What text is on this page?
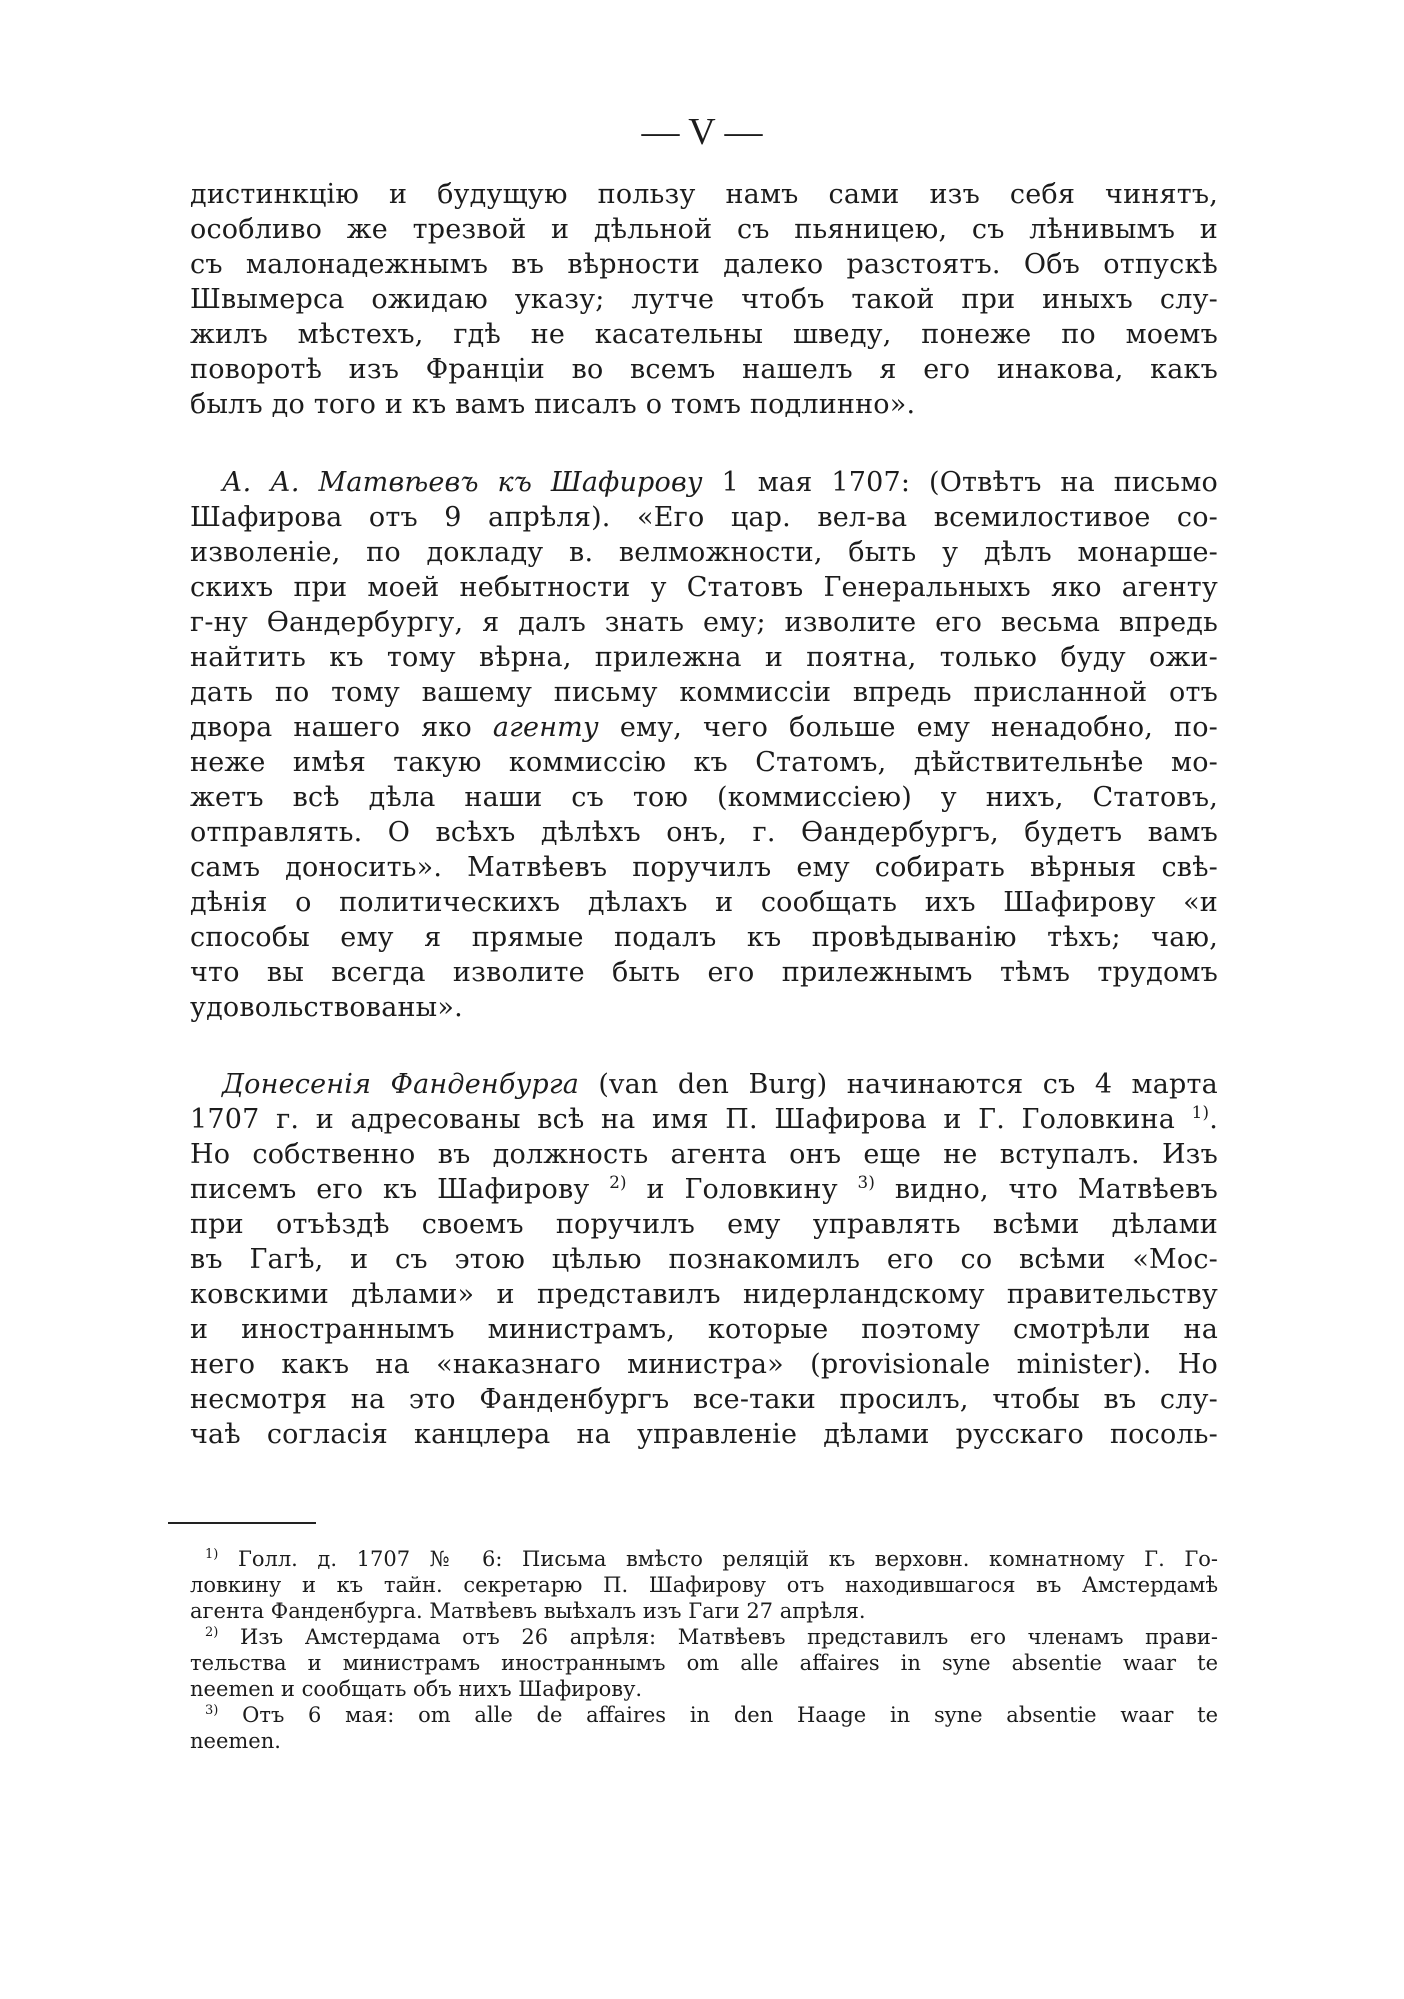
— V —

дистинкцію и будущую пользу намъ сами изъ себя чинятъ,

особливо же трезвой и дѣльной съ пьяницею, съ лѣнивымъ и

съ малонадежнымъ въ вѣрности далеко разстоятъ. Объ отпускѣ

Швымерса ожидаю указу; лутче чтобъ такой при иныхъ слу-

жилъ мѣстехъ, гдѣ не касательны шведу, понеже по моемъ

поворотѣ изъ Франціи во всемъ нашелъ я его инакова, какъ

былъ до того и къ вамъ писалъ о томъ подлинно».

А. А. Матвѣевъ къ Шафирову 1 мая 1707: (Отвѣтъ на письмо

Шафирова отъ 9 апрѣля). «Его цар. вел-ва всемилостивое со-

изволеніе, по докладу в. велможности, быть у дѣлъ монарше-

скихъ при моей небытности у Статовъ Генеральныхъ яко агенту

г-ну Ѳандербургу, я далъ знать ему; изволите его весьма впредь

найтить къ тому вѣрна, прилежна и поятна, только буду ожи-

дать по тому вашему письму коммиссіи впредь присланной отъ

двора нашего яко агенту ему, чего больше ему ненадобно, по-

неже имѣя такую коммиссію къ Статомъ, дѣйствительнѣе мо-

жетъ всѣ дѣла наши съ тою (коммиссіею) у нихъ, Статовъ,

отправлять. О всѣхъ дѣлѣхъ онъ, г. Ѳандербургъ, будетъ вамъ

самъ доносить». Матвѣевъ поручилъ ему собирать вѣрныя свѣ-

дѣнія о политическихъ дѣлахъ и сообщать ихъ Шафирову «и

способы ему я прямые подалъ къ провѣдыванію тѣхъ; чаю,

что вы всегда изволите быть его прилежнымъ тѣмъ трудомъ

удовольствованы».

Донесенія Фанденбурга (van den Burg) начинаются съ 4 марта

1707 г. и адресованы всѣ на имя П. Шафирова и Г. Головкина $^{1)}$.

Но собственно въ должность агента онъ еще не вступалъ. Изъ

писемъ его къ Шафирову $^{2)}$ и Головкину $^{3)}$ видно, что Матвѣевъ

при отъѣздѣ своемъ поручилъ ему управлять всѣми дѣлами

въ Гагѣ, и съ этою цѣлью познакомилъ его со всѣми «Мос-

ковскими дѣлами» и представилъ нидерландскому правительству

и иностраннымъ министрамъ, которые поэтому смотрѣли на

него какъ на «наказнаго министра» (provisionale minister). Но

несмотря на это Фанденбургъ все-таки просилъ, чтобы въ слу-

чаѣ согласія канцлера на управленіе дѣлами русскаго посоль-

$^{1)}$ Голл. д. 1707 № 6: Письма вмѣсто реляцій къ верховн. комнатному Г. Го-

ловкину и къ тайн. секретарю П. Шафирову отъ находившагося въ Амстердамѣ

агента Фанденбурга. Матвѣевъ выѣхалъ изъ Гаги 27 апрѣля.

$^{2)}$ Изъ Амстердама отъ 26 апрѣля: Матвѣевъ представилъ его членамъ прави-

тельства и министрамъ иностраннымъ om alle affaires in syne absentie waar te

neemen и сообщать объ нихъ Шафирову.

$^{3)}$ Отъ 6 мая: om alle de affaires in den Haage in syne absentie waar te

neemen.
